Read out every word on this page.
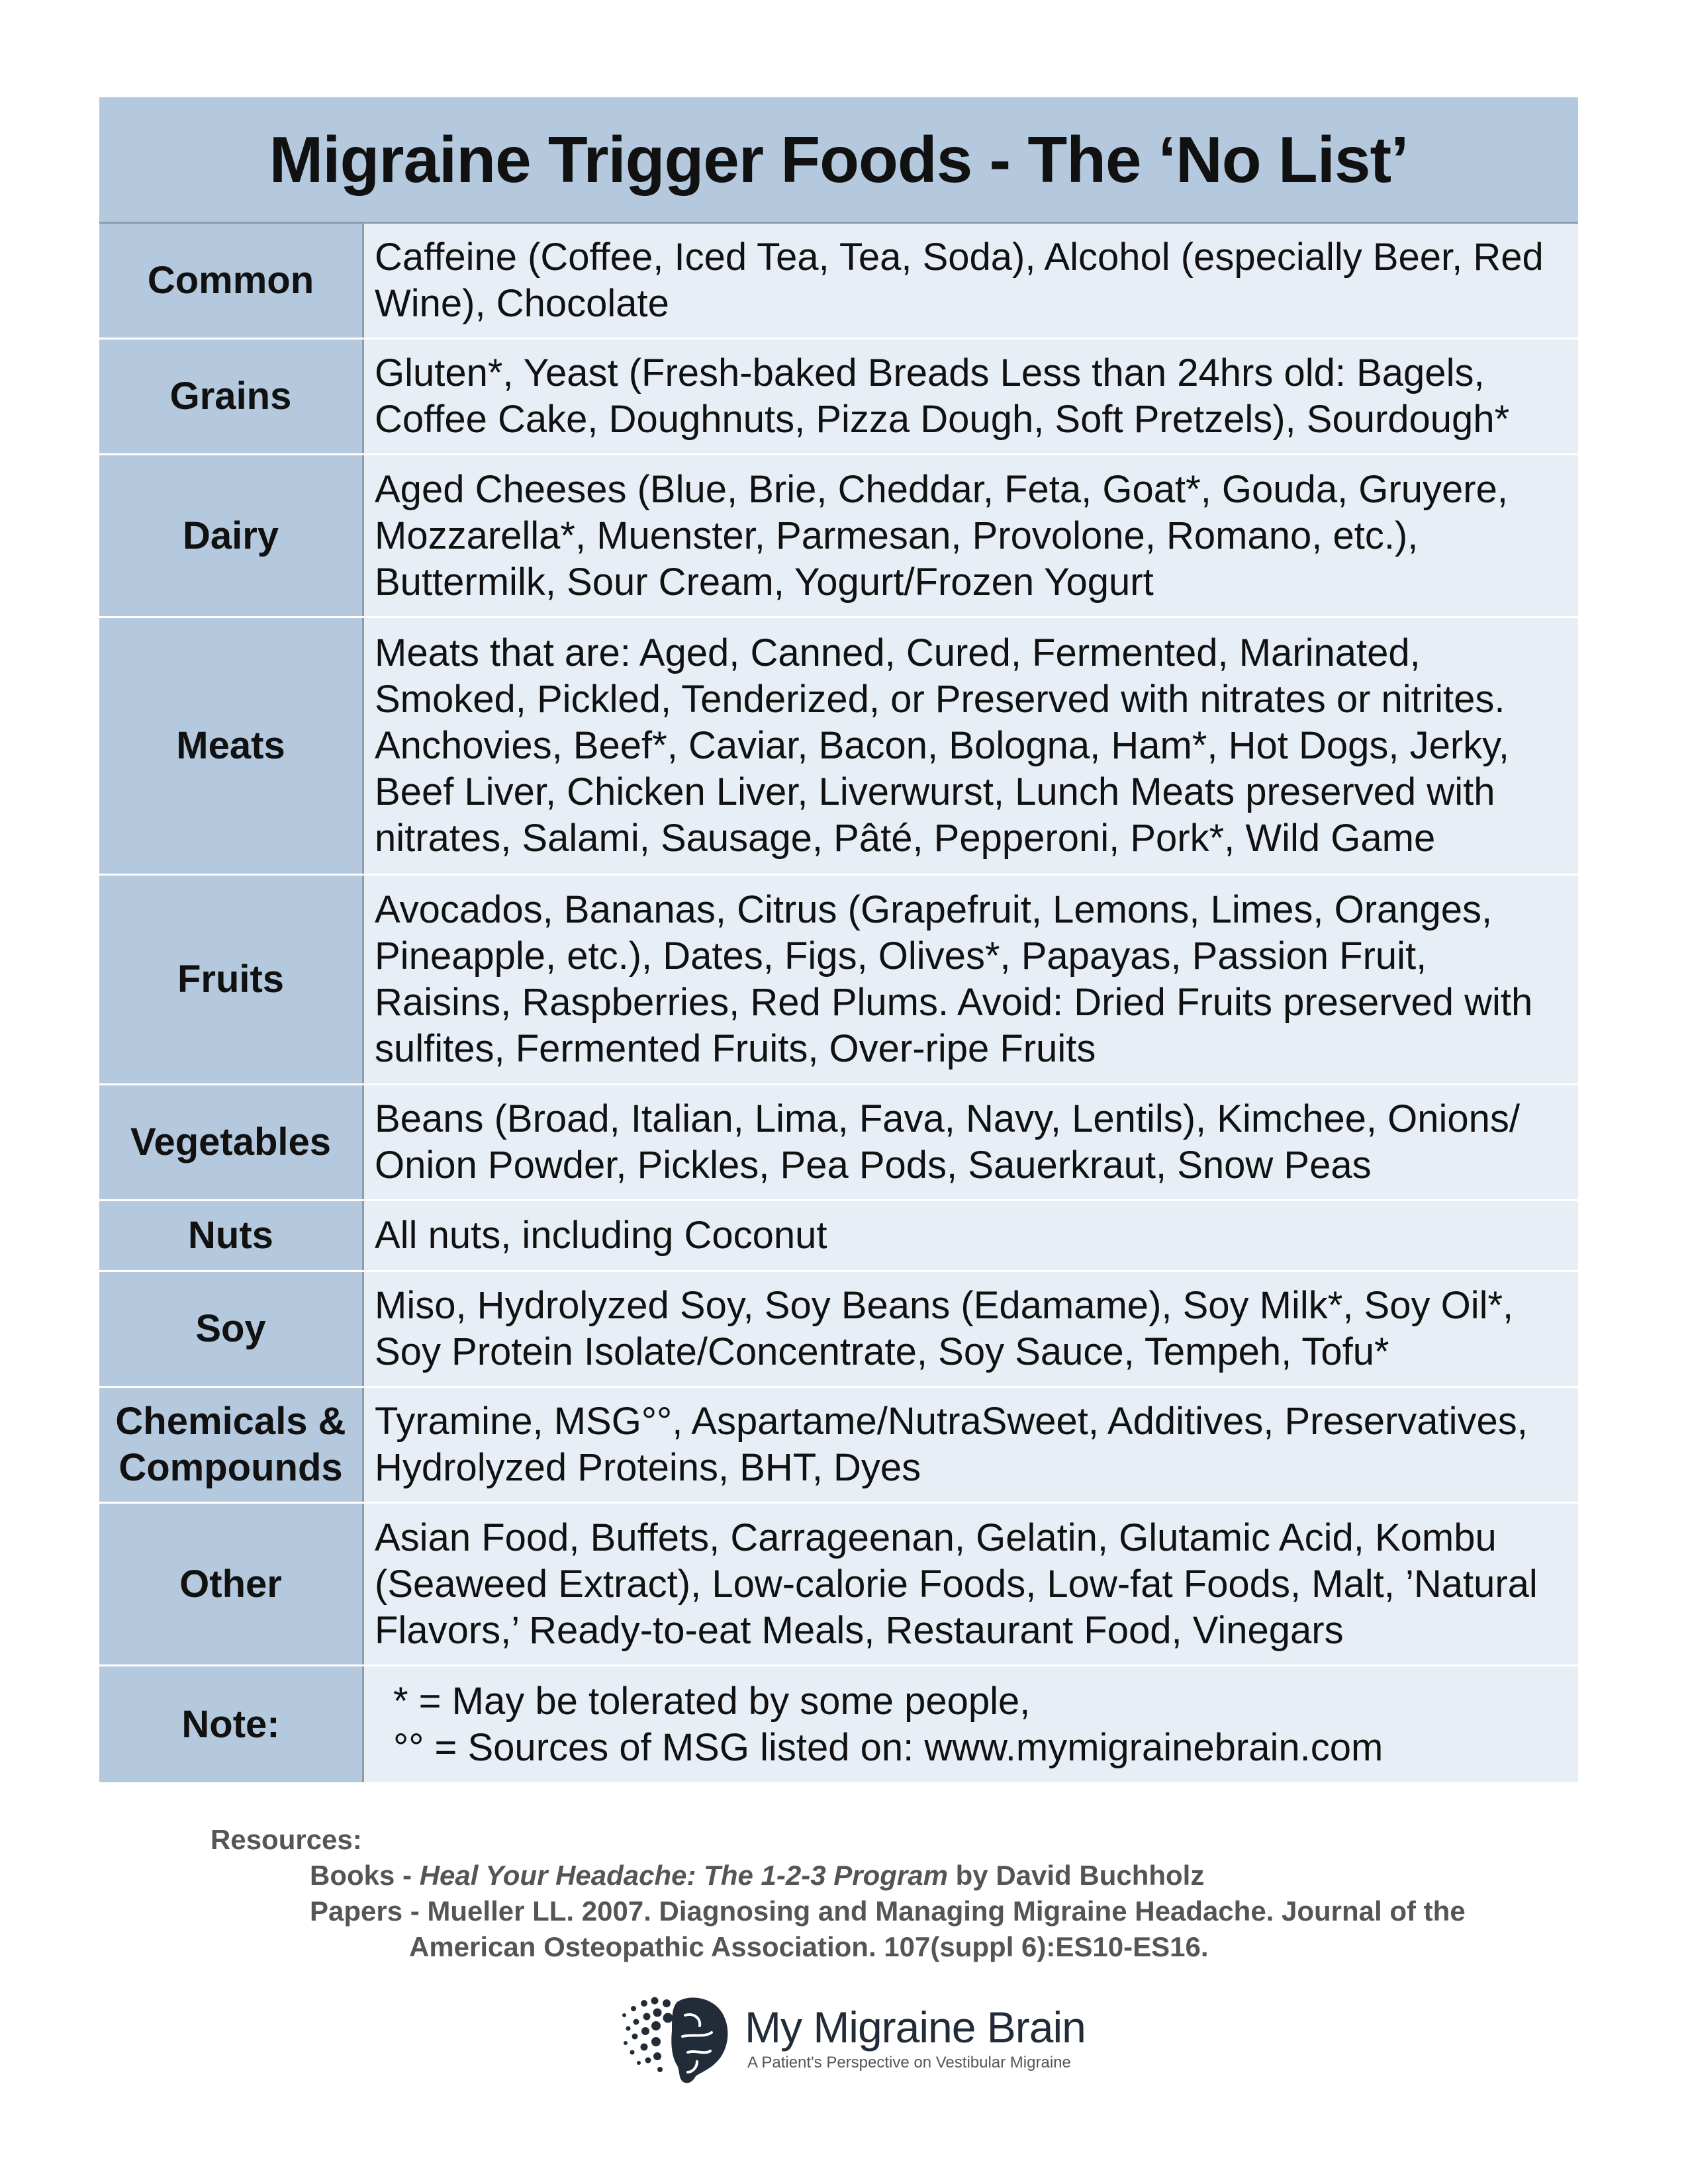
Migraine Trigger Foods - The ‘No List’
Common
Caffeine (Coffee, Iced Tea, Tea, Soda), Alcohol (especially Beer, Red Wine), Chocolate
Grains
Gluten*, Yeast (Fresh-baked Breads Less than 24hrs old: Bagels, Coffee Cake, Doughnuts, Pizza Dough, Soft Pretzels), Sourdough*
Dairy
Aged Cheeses (Blue, Brie, Cheddar, Feta, Goat*, Gouda, Gruyere, Mozzarella*, Muenster, Parmesan, Provolone, Romano, etc.), Buttermilk, Sour Cream, Yogurt/Frozen Yogurt
Meats
Meats that are: Aged, Canned, Cured, Fermented, Marinated, Smoked, Pickled, Tenderized, or Preserved with nitrates or nitrites. Anchovies, Beef*, Caviar, Bacon, Bologna, Ham*, Hot Dogs, Jerky, Beef Liver, Chicken Liver, Liverwurst, Lunch Meats preserved with nitrates, Salami, Sausage, Pâté, Pepperoni, Pork*, Wild Game
Fruits
Avocados, Bananas, Citrus (Grapefruit, Lemons, Limes, Oranges, Pineapple, etc.), Dates, Figs, Olives*, Papayas, Passion Fruit, Raisins, Raspberries, Red Plums. Avoid: Dried Fruits preserved with sulfites, Fermented Fruits, Over-ripe Fruits
Vegetables
Beans (Broad, Italian, Lima, Fava, Navy, Lentils), Kimchee, Onions/ Onion Powder, Pickles, Pea Pods, Sauerkraut, Snow Peas
Nuts	All nuts, including Coconut
Soy
Miso, Hydrolyzed Soy, Soy Beans (Edamame), Soy Milk*, Soy Oil*, Soy Protein Isolate/Concentrate, Soy Sauce, Tempeh, Tofu*
Chemicals & Compounds
Tyramine, MSG°°, Aspartame/NutraSweet, Additives, Preservatives, Hydrolyzed Proteins, BHT, Dyes
Other
Asian Food, Buffets, Carrageenan, Gelatin, Glutamic Acid, Kombu (Seaweed Extract), Low-calorie Foods, Low-fat Foods, Malt, ’Natural Flavors,’ Ready-to-eat Meals, Restaurant Food, Vinegars
Note:
* = May be tolerated by some people,
°° = Sources of MSG listed on: www.mymigrainebrain.com
Resources:
Books - Heal Your Headache: The 1-2-3 Program by David Buchholz
Papers - Mueller LL. 2007. Diagnosing and Managing Migraine Headache. Journal of the
American Osteopathic Association. 107(suppl 6):ES10-ES16.
My Migraine Brain
A Patient's Perspective on Vestibular Migraine
